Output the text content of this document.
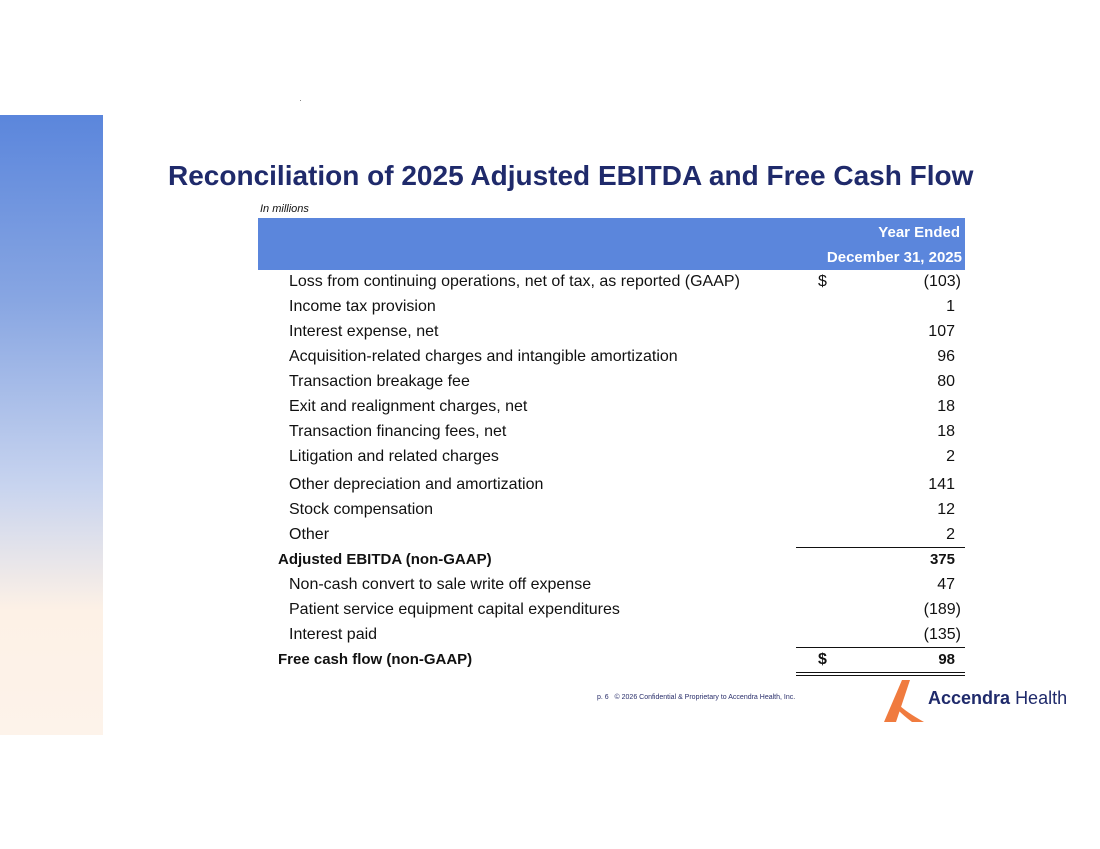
Reconciliation of 2025 Adjusted EBITDA and Free Cash Flow
In millions
Year Ended
December 31, 2025
Loss from continuing operations, net of tax, as reported (GAAP)	$	(103)
Income tax provision	1
Interest expense, net	107
Acquisition-related charges and intangible amortization	96
Transaction breakage fee	80
Exit and realignment charges, net	18
Transaction financing fees, net	18
Litigation and related charges	2
Other depreciation and amortization	141
Stock compensation	12
Other	2
Adjusted EBITDA (non-GAAP)	375
Non-cash convert to sale write off expense	47
Patient service equipment capital expenditures	(189)
Interest paid	(135)
Free cash flow (non-GAAP)	$	98
p. 6 © 2026 Confidential & Proprietary to Accendra Health, Inc.	Accendra Health
